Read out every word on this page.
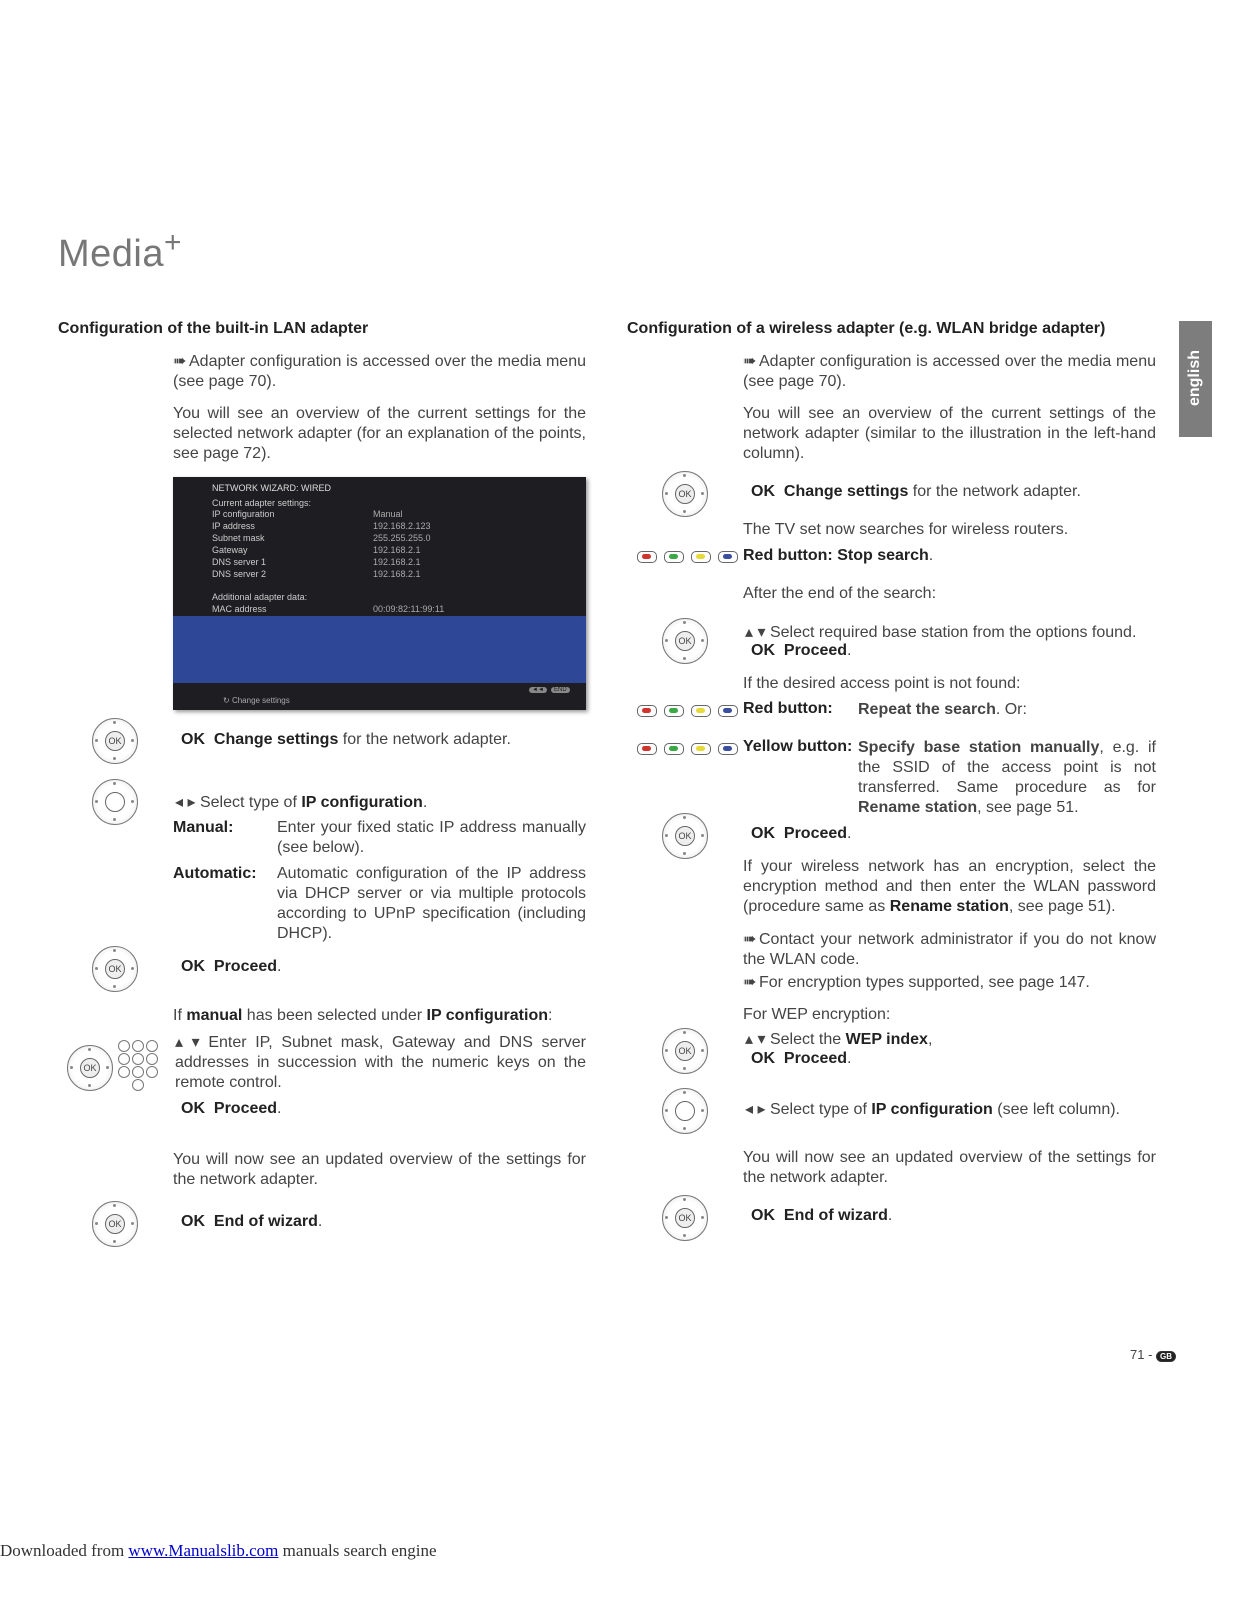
Media+
english
Configuration of the built-in LAN adapter
➠ Adapter configuration is accessed over the media menu (see page 70).
You will see an overview of the current settings for the selected network adapter (for an explanation of the points, see page 72).
NETWORK WIZARD: WIRED
Current adapter settings:
IP configuration	Manual
IP address	192.168.2.123
Subnet mask	255.255.255.0
Gateway	192.168.2.1
DNS server 1	192.168.2.1
DNS server 2	192.168.2.1
Additional adapter data:
MAC address	00:09:82:11:99:11
◄◄	END
↻ Change settings
OK	OK Change settings for the network adapter.
◂ ▸ Select type of IP configuration.
Manual:	Enter your fixed static IP address manually (see below).
Automatic: Automatic configuration of the IP address via DHCP server or via multiple protocols according to UPnP specification (including DHCP).
OK	OK Proceed.
If manual has been selected under IP configuration:
OK
▴ ▾ Enter IP, Subnet mask, Gateway and DNS server addresses in succession with the numeric keys on the remote control.
OK Proceed.
You will now see an updated overview of the settings for the network adapter.
OK	OK End of wizard.
Configuration of a wireless adapter (e.g. WLAN bridge adapter)
➠ Adapter configuration is accessed over the media menu (see page 70).
You will see an overview of the current settings of the network adapter (similar to the illustration in the left-hand column).
OK	OK Change settings for the network adapter.
The TV set now searches for wireless routers.
Red button: Stop search.
After the end of the search:
OK	▴ ▾ Select required base station from the options found.
OK Proceed.
If the desired access point is not found:
Red button: Repeat the search. Or:
Yellow button: Specify base station manually, e.g. if the SSID of the access point is not transferred. Same procedure as for Rename station, see page 51.
OK	OK Proceed.
If your wireless network has an encryption, select the encryption method and then enter the WLAN password (procedure same as Rename station, see page 51).
➠ Contact your network administrator if you do not know the WLAN code.
➠ For encryption types supported, see page 147.
For WEP encryption:
OK
▴ ▾ Select the WEP index,
OK Proceed.
◂ ▸ Select type of IP configuration (see left column).
You will now see an updated overview of the settings for the network adapter.
OK	OK End of wizard.
71 - GB
Downloaded from www.Manualslib.com manuals search engine
